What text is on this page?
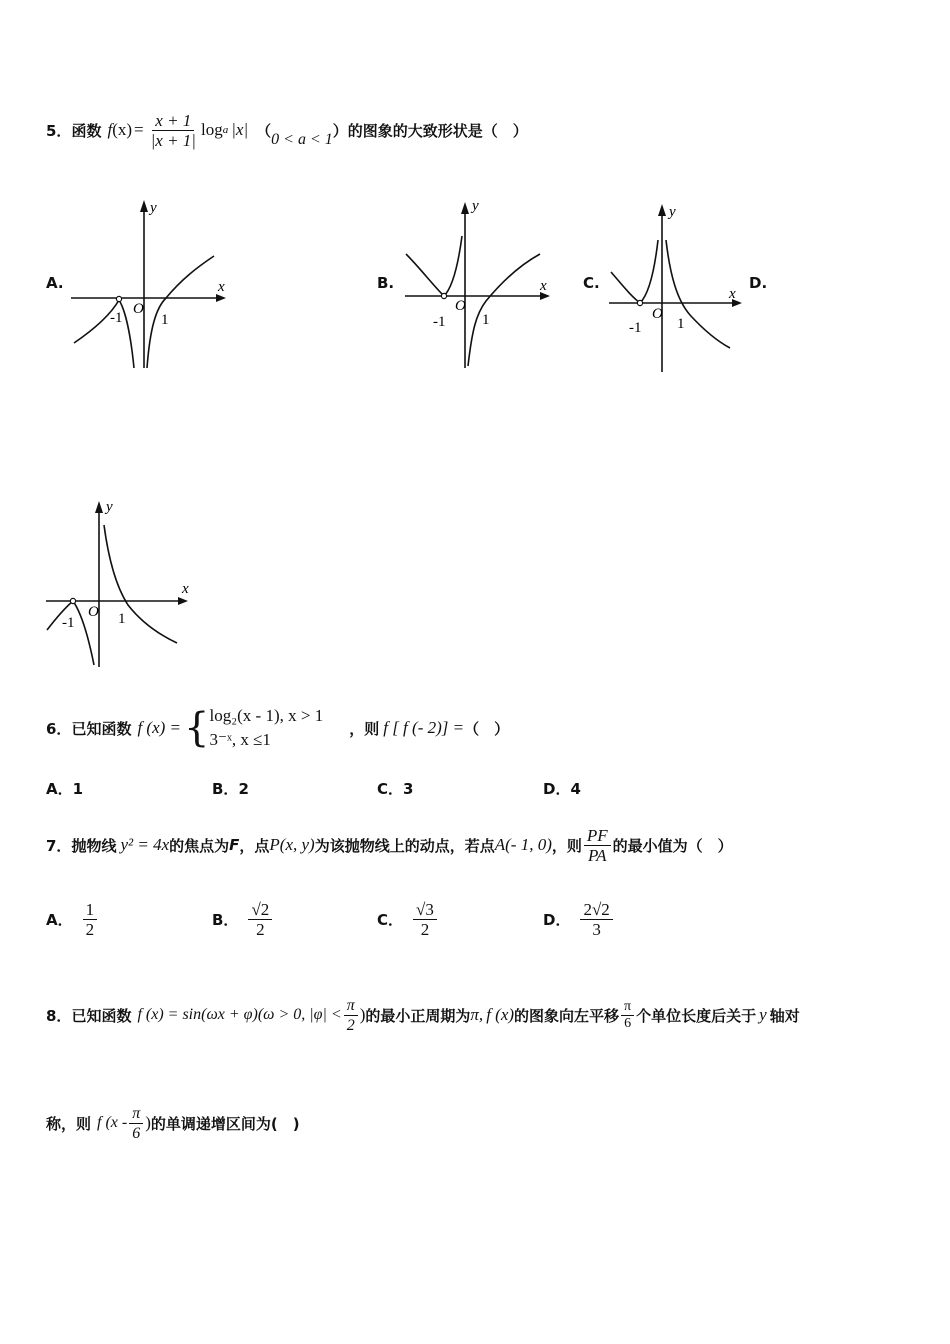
5． 函数 f $(x) = \frac{x + 1}{|x + 1|}$ log a |x| （ 0 < a < 1 ）的图象的大致形状是（　）
A.	B.	C.	D.
x
y
-1	1
O
x
y
-1 1
O
x
y
-1 1
O
x
y
-1	1
O
6． 已知函数 f (x) = { log₂(x - 1), x > 1
3⁻ˣ, x ≤1
，则 f [ f (- 2)] = （　）
A．1	B．2	C．3	D．4
7． 抛物线 y² = 4x 的焦点为 F ，点 P(x, y) 为该抛物线上的动点，若点 A(- 1, 0) ，则 $\frac{PF}{PA}$ 的最小值为（　）
A． $\frac{1}{2}$	B． $\frac{√2}{2}$	C． $\frac{√3}{2}$	D． $\frac{2√2}{3}$
8． 已知函数 f (x) = sin(ωx + φ)(ω > 0, $|\varphi| < \frac{\pi}{2}$ ) 的最小正周期为 π, f (x) 的图象向左平移 $\frac{\pi}{6}$ 个单位长度后关于 y 轴对
称，则 f ($x - \frac{\pi}{6}$ ) 的单调递增区间为(　)
